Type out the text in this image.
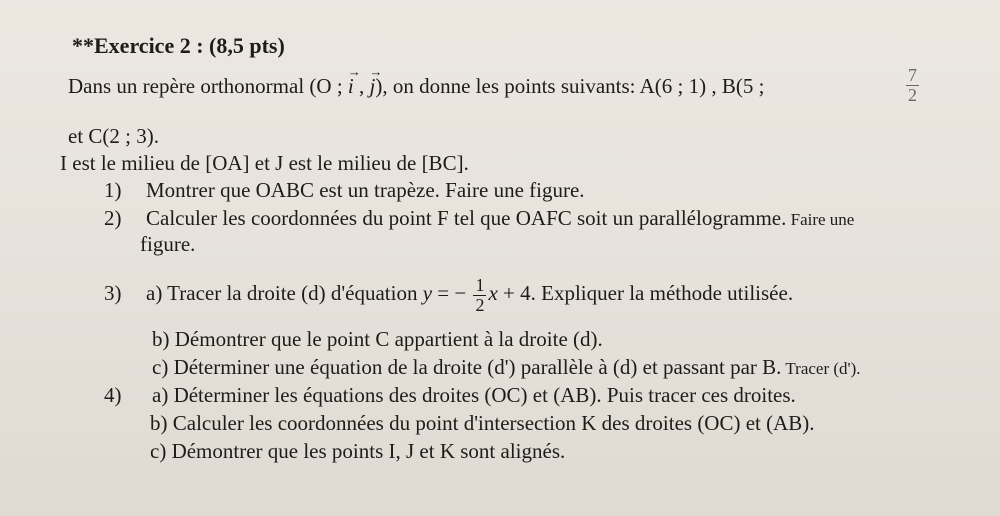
**Exercice 2 : (8,5 pts)
Dans un repère orthonormal (O ; → i , → j), on donne les points suivants: A(6 ; 1) , B(5 ;	$\frac{7}{2}$
et C(2 ; 3).
I est le milieu de [OA] et J est le milieu de [BC].
1) Montrer que OABC est un trapèze. Faire une figure.
2) Calculer les coordonnées du point F tel que OAFC soit un parallélogramme. Faire une
figure.
3) a) Tracer la droite (d) d'équation y = − $\frac{1}{2}$ x + 4. Expliquer la méthode utilisée.
b) Démontrer que le point C appartient à la droite (d).
c) Déterminer une équation de la droite (d') parallèle à (d) et passant par B. Tracer (d').
4) a) Déterminer les équations des droites (OC) et (AB). Puis tracer ces droites.
b) Calculer les coordonnées du point d'intersection K des droites (OC) et (AB).
c) Démontrer que les points I, J et K sont alignés.
